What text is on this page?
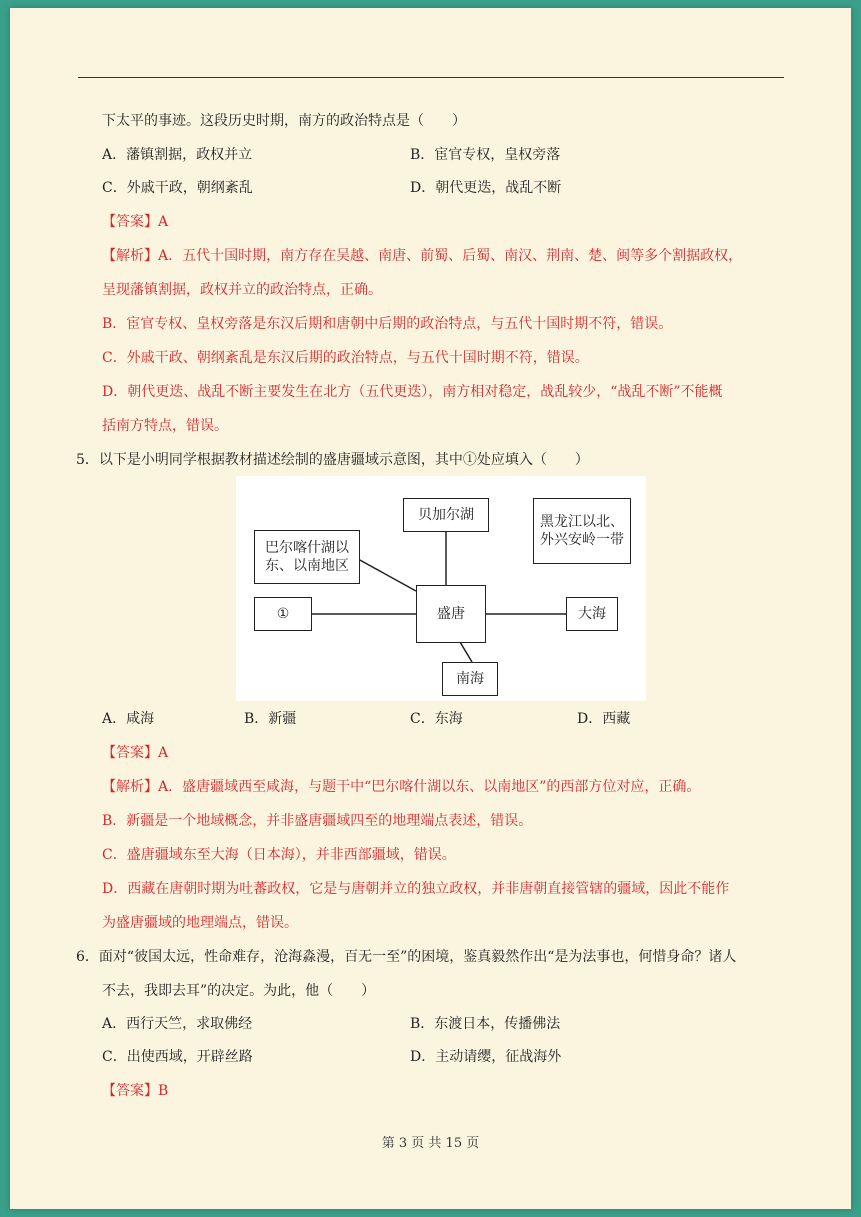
下太平的事迹。这段历史时期，南方的政治特点是（　　）
A．藩镇割据，政权并立	B．宦官专权，皇权旁落
C．外戚干政，朝纲紊乱	D．朝代更迭，战乱不断
【答案】A
【解析】A．五代十国时期，南方存在吴越、南唐、前蜀、后蜀、南汉、荆南、楚、闽等多个割据政权，
呈现藩镇割据，政权并立的政治特点，正确。
B．宦官专权、皇权旁落是东汉后期和唐朝中后期的政治特点，与五代十国时期不符，错误。
C．外戚干政、朝纲紊乱是东汉后期的政治特点，与五代十国时期不符，错误。
D．朝代更迭、战乱不断主要发生在北方（五代更迭），南方相对稳定，战乱较少，“战乱不断”不能概
括南方特点，错误。
5．以下是小明同学根据教材描述绘制的盛唐疆域示意图，其中①处应填入（　　）
贝加尔湖	黑龙江以北、
外兴安岭一带
巴尔喀什湖以
东、以南地区
①	盛唐	大海
南海
A．咸海	B．新疆	C．东海	D．西藏
【答案】A
【解析】A．盛唐疆域西至咸海，与题干中“巴尔喀什湖以东、以南地区”的西部方位对应，正确。
B．新疆是一个地域概念，并非盛唐疆域四至的地理端点表述，错误。
C．盛唐疆域东至大海（日本海），并非西部疆域，错误。
D．西藏在唐朝时期为吐蕃政权，它是与唐朝并立的独立政权，并非唐朝直接管辖的疆域，因此不能作
为盛唐疆域的地理端点，错误。
6．面对“彼国太远，性命难存，沧海淼漫，百无一至”的困境，鉴真毅然作出“是为法事也，何惜身命？诸人
不去，我即去耳”的决定。为此，他（　　）
A．西行天竺，求取佛经	B．东渡日本，传播佛法
C．出使西域，开辟丝路	D．主动请缨，征战海外
【答案】B
第 3 页 共 15 页
